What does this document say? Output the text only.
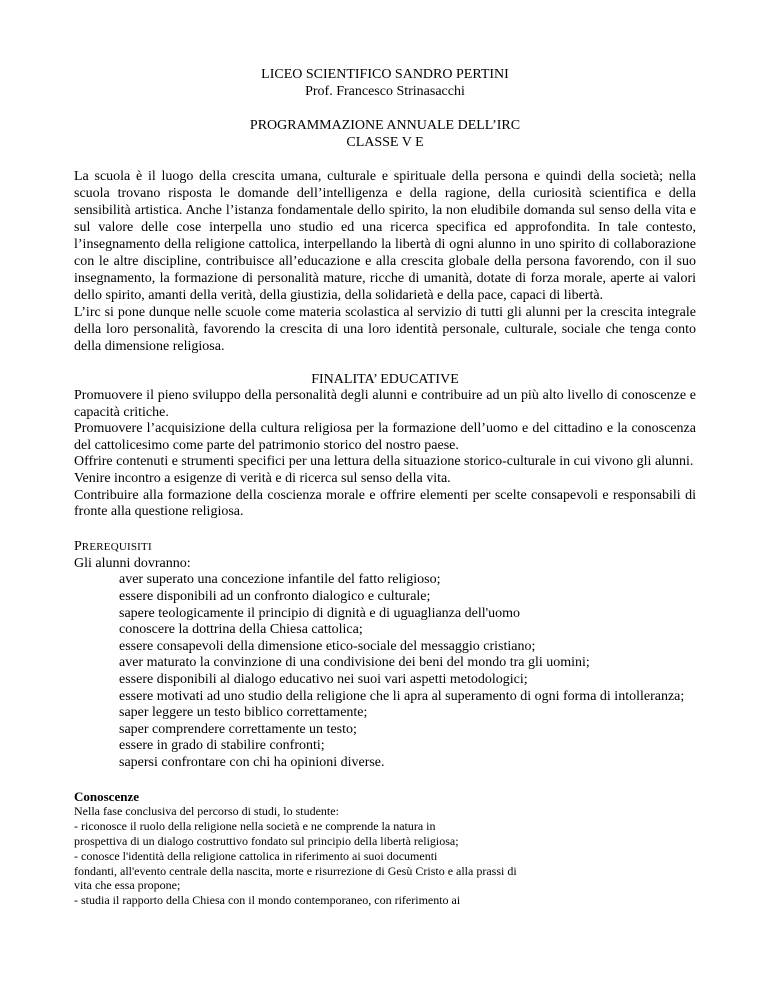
LICEO SCIENTIFICO SANDRO PERTINI
Prof. Francesco Strinasacchi
PROGRAMMAZIONE ANNUALE DELL’IRC
CLASSE V E

La scuola è il luogo della crescita umana, culturale e spirituale della persona e quindi della società; nella scuola trovano risposta le domande dell’intelligenza e della ragione, della curiosità scientifica e della sensibilità artistica. Anche l’istanza fondamentale dello spirito, la non eludibile domanda sul senso della vita e sul valore delle cose interpella uno studio ed una ricerca specifica ed approfondita. In tale contesto, l’insegnamento della religione cattolica, interpellando la libertà di ogni alunno in uno spirito di collaborazione con le altre discipline, contribuisce all’educazione e alla crescita globale della persona favorendo, con il suo insegnamento, la formazione di personalità mature, ricche di umanità, dotate di forza morale, aperte ai valori dello spirito, amanti della verità, della giustizia, della solidarietà e della pace, capaci di libertà.

L’irc si pone dunque nelle scuole come materia scolastica al servizio di tutti gli alunni per la crescita integrale della loro personalità, favorendo la crescita di una loro identità personale, culturale, sociale che tenga conto della dimensione religiosa.

FINALITA’ EDUCATIVE

Promuovere il pieno sviluppo della personalità degli alunni e contribuire ad un più alto livello di conoscenze e capacità critiche.

Promuovere l’acquisizione della cultura religiosa per la formazione dell’uomo e del cittadino e la conoscenza del cattolicesimo come parte del patrimonio storico del nostro paese.

Offrire contenuti e strumenti specifici per una lettura della situazione storico-culturale in cui vivono gli alunni.

Venire incontro a esigenze di verità e di ricerca sul senso della vita.

Contribuire alla formazione della coscienza morale e offrire elementi per scelte consapevoli e responsabili di fronte alla questione religiosa.

PREREQUISITI

Gli alunni dovranno:

aver superato una concezione infantile del fatto religioso;
essere disponibili ad un confronto dialogico e culturale;
sapere teologicamente il principio di dignità e di uguaglianza dell'uomo
conoscere la dottrina della Chiesa cattolica;
essere consapevoli della dimensione etico-sociale del messaggio cristiano;
aver maturato la convinzione di una condivisione dei beni del mondo tra gli uomini;
essere disponibili al dialogo educativo nei suoi vari aspetti metodologici;
essere motivati ad uno studio della religione che li apra al superamento di ogni forma di intolleranza;
saper leggere un testo biblico correttamente;
saper comprendere correttamente un testo;
essere in grado di stabilire confronti;
sapersi confrontare con chi ha opinioni diverse.
Conoscenze

Nella fase conclusiva del percorso di studi, lo studente:

- riconosce il ruolo della religione nella società e ne comprende la natura in

prospettiva di un dialogo costruttivo fondato sul principio della libertà religiosa;

- conosce l'identità della religione cattolica in riferimento ai suoi documenti

fondanti, all'evento centrale della nascita, morte e risurrezione di Gesù Cristo e alla prassi di

vita che essa propone;

- studia il rapporto della Chiesa con il mondo contemporaneo, con riferimento ai
